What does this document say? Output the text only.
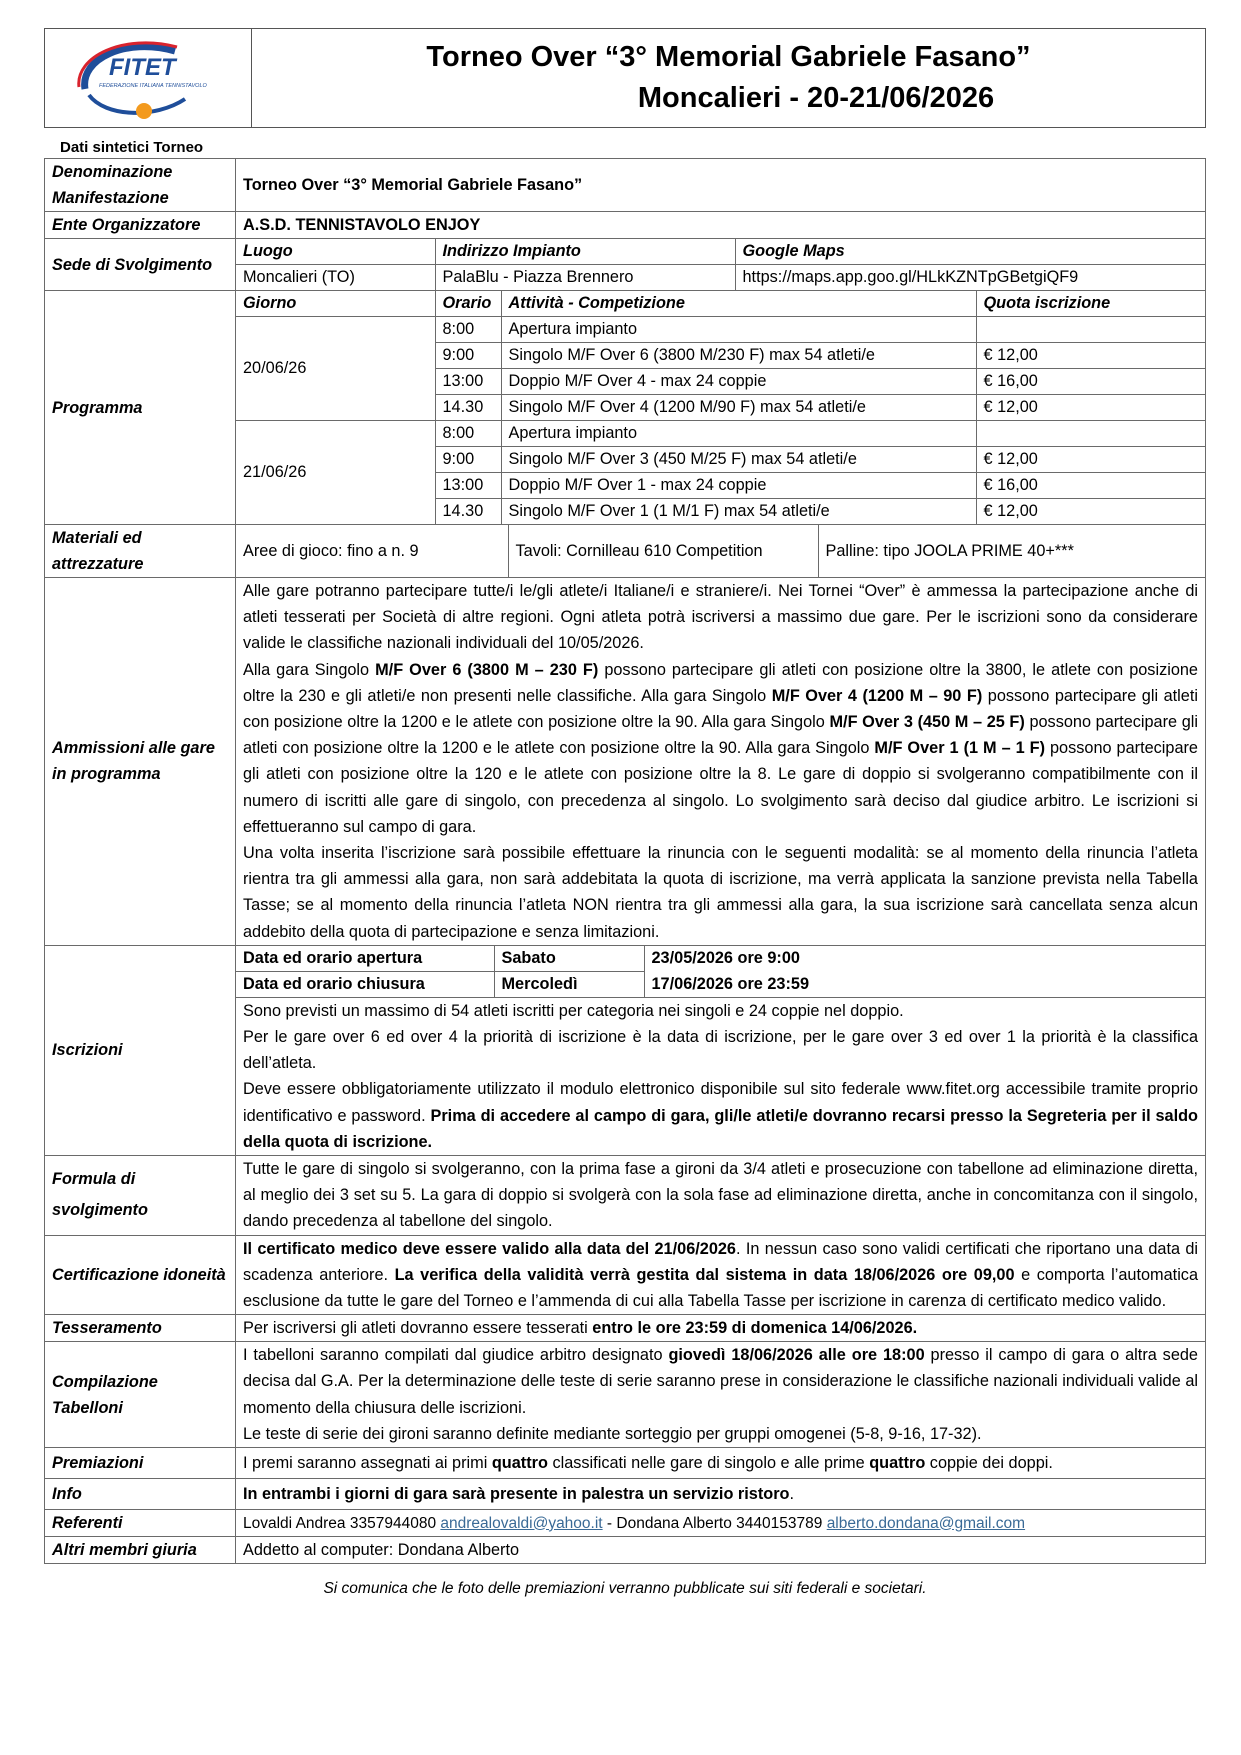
FITET
FEDERAZIONE ITALIANA TENNISTAVOLO
Torneo Over “3° Memorial Gabriele Fasano”
Moncalieri - 20-21/06/2026
Dati sintetici Torneo
Denominazione Manifestazione	Torneo Over “3° Memorial Gabriele Fasano”
Ente Organizzatore	A.S.D. TENNISTAVOLO ENJOY
Sede di Svolgimento	
Luogo	Indirizzo Impianto	Google Maps
Moncalieri (TO)	PalaBlu - Piazza Brennero	https://maps.app.goo.gl/HLkKZNTpGBetgiQF9

Programma	
Giorno	Orario	Attività - Competizione	Quota iscrizione
20/06/26	8:00	Apertura impianto	
9:00	Singolo M/F Over 6 (3800 M/230 F) max 54 atleti/e	€ 12,00
13:00	Doppio M/F Over 4 - max 24 coppie	€ 16,00
14.30	Singolo M/F Over 4 (1200 M/90 F) max 54 atleti/e	€ 12,00
21/06/26	8:00	Apertura impianto	
9:00	Singolo M/F Over 3 (450 M/25 F) max 54 atleti/e	€ 12,00
13:00	Doppio M/F Over 1 - max 24 coppie	€ 16,00
14.30	Singolo M/F Over 1 (1 M/1 F) max 54 atleti/e	€ 12,00

Materiali ed attrezzature	
Aree di gioco: fino a n. 9	Tavoli: Cornilleau 610 Competition	Palline: tipo JOOLA PRIME 40+***

Ammissioni alle gare in programma	
Alle gare potranno partecipare tutte/i le/gli atlete/i Italiane/i e straniere/i. Nei Tornei “Over” è ammessa la partecipazione anche di atleti tesserati per Società di altre regioni. Ogni atleta potrà iscriversi a massimo due gare. Per le iscrizioni sono da considerare valide le classifiche nazionali individuali del 10/05/2026.
Alla gara Singolo M/F Over 6 (3800 M – 230 F) possono partecipare gli atleti con posizione oltre la 3800, le atlete con posizione oltre la 230 e gli atleti/e non presenti nelle classifiche. Alla gara Singolo M/F Over 4 (1200 M – 90 F) possono partecipare gli atleti con posizione oltre la 1200 e le atlete con posizione oltre la 90. Alla gara Singolo M/F Over 3 (450 M – 25 F) possono partecipare gli atleti con posizione oltre la 1200 e le atlete con posizione oltre la 90. Alla gara Singolo M/F Over 1 (1 M – 1 F) possono partecipare gli atleti con posizione oltre la 120 e le atlete con posizione oltre la 8. Le gare di doppio si svolgeranno compatibilmente con il numero di iscritti alle gare di singolo, con precedenza al singolo. Lo svolgimento sarà deciso dal giudice arbitro. Le iscrizioni si effettueranno sul campo di gara.
Una volta inserita l’iscrizione sarà possibile effettuare la rinuncia con le seguenti modalità: se al momento della rinuncia l’atleta rientra tra gli ammessi alla gara, non sarà addebitata la quota di iscrizione, ma verrà applicata la sanzione prevista nella Tabella Tasse; se al momento della rinuncia l’atleta NON rientra tra gli ammessi alla gara, la sua iscrizione sarà cancellata senza alcun addebito della quota di partecipazione e senza limitazioni.

Iscrizioni	
Data ed orario apertura	Sabato	23/05/2026 ore 9:00
Data ed orario chiusura	Mercoledì	17/06/2026 ore 23:59
Sono previsti un massimo di 54 atleti iscritti per categoria nei singoli e 24 coppie nel doppio.
Per le gare over 6 ed over 4 la priorità di iscrizione è la data di iscrizione, per le gare over 3 ed over 1 la priorità è la classifica dell’atleta.
Deve essere obbligatoriamente utilizzato il modulo elettronico disponibile sul sito federale www.fitet.org accessibile tramite proprio identificativo e password. Prima di accedere al campo di gara, gli/le atleti/e dovranno recarsi presso la Segreteria per il saldo della quota di iscrizione.

Formula di svolgimento	Tutte le gare di singolo si svolgeranno, con la prima fase a gironi da 3/4 atleti e prosecuzione con tabellone ad eliminazione diretta, al meglio dei 3 set su 5. La gara di doppio si svolgerà con la sola fase ad eliminazione diretta, anche in concomitanza con il singolo, dando precedenza al tabellone del singolo.
Certificazione idoneità	Il certificato medico deve essere valido alla data del 21/06/2026. In nessun caso sono validi certificati che riportano una data di scadenza anteriore. La verifica della validità verrà gestita dal sistema in data 18/06/2026 ore 09,00 e comporta l’automatica esclusione da tutte le gare del Torneo e l’ammenda di cui alla Tabella Tasse per iscrizione in carenza di certificato medico valido.
Tesseramento	Per iscriversi gli atleti dovranno essere tesserati entro le ore 23:59 di domenica 14/06/2026.
Compilazione Tabelloni	
I tabelloni saranno compilati dal giudice arbitro designato giovedì 18/06/2026 alle ore 18:00 presso il campo di gara o altra sede decisa dal G.A. Per la determinazione delle teste di serie saranno prese in considerazione le classifiche nazionali individuali valide al momento della chiusura delle iscrizioni.
Le teste di serie dei gironi saranno definite mediante sorteggio per gruppi omogenei (5-8, 9-16, 17-32).

Premiazioni	I premi saranno assegnati ai primi quattro classificati nelle gare di singolo e alle prime quattro coppie dei doppi.
Info	In entrambi i giorni di gara sarà presente in palestra un servizio ristoro.
Referenti	Lovaldi Andrea 3357944080 andrealovaldi@yahoo.it - Dondana Alberto 3440153789 alberto.dondana@gmail.com
Altri membri giuria	Addetto al computer: Dondana Alberto
Si comunica che le foto delle premiazioni verranno pubblicate sui siti federali e societari.
